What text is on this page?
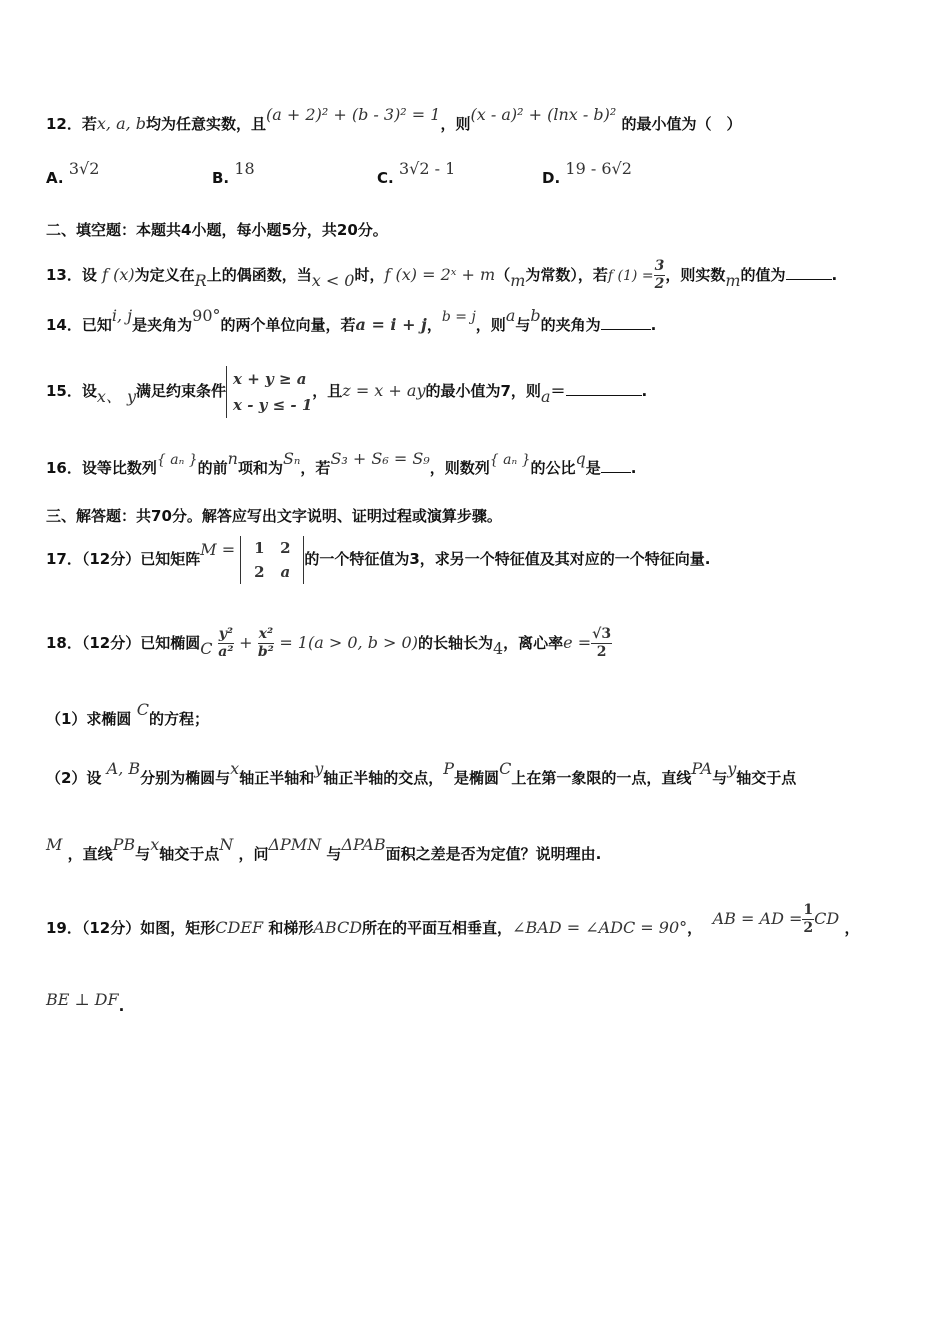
12．若x, a, b均为任意实数，且(a + 2)² + (b - 3)² = 1，则(x - a)² + (lnx - b)² 的最小值为（　）
A. 3√2	B. 18	C. 3√2 - 1	D. 19 - 6√2
二、填空题：本题共4小题，每小题5分，共20分。
13．设 f (x)为定义在R上的偶函数，当x < 0时，f (x) = 2ˣ + m（m为常数），若f $(1) = \frac{3}{2}$ ，则实数m的值为	.
14．已知i, j是夹角为90°的两个单位向量，若a = i + j，b = j，则a与b的夹角为	.
15．设x、 y满足约束条件
x + y ≥ a
x - y ≤ - 1
，且z = x + ay的最小值为7，则a＝	.
16．设等比数列{ aₙ }的前n项和为Sₙ，若S₃ + S₆ = S₉，则数列{ aₙ }的公比q是 .
三、解答题：共70分。解答应写出文字说明、证明过程或演算步骤。
17．（12分）已知矩阵M = 1 2
2 a的一个特征值为3，求另一个特征值及其对应的一个特征向量.
18．（12分）已知椭圆C $\frac{\text{y²}}{\text{a²}} + \frac{\text{x²}}{\text{b²}} = 1(a > 0$, b > 0)的长轴长为4，离心率$e = \frac{√3}{2}$
（1）求椭圆 C的方程；
（2）设 A, B分别为椭圆与x轴正半轴和y轴正半轴的交点，P是椭圆C上在第一象限的一点，直线PA与y轴交于点
M ，直线PB与x轴交于点N ，问ΔPMN 与ΔPAB面积之差是否为定值？说明理由.
19．（12分）如图，矩形CDEF 和梯形ABCD所在的平面互相垂直，∠BAD = ∠ADC = 90°， AB = AD = $\frac{1}{2}$ CD ，
BE ⊥ DF.
